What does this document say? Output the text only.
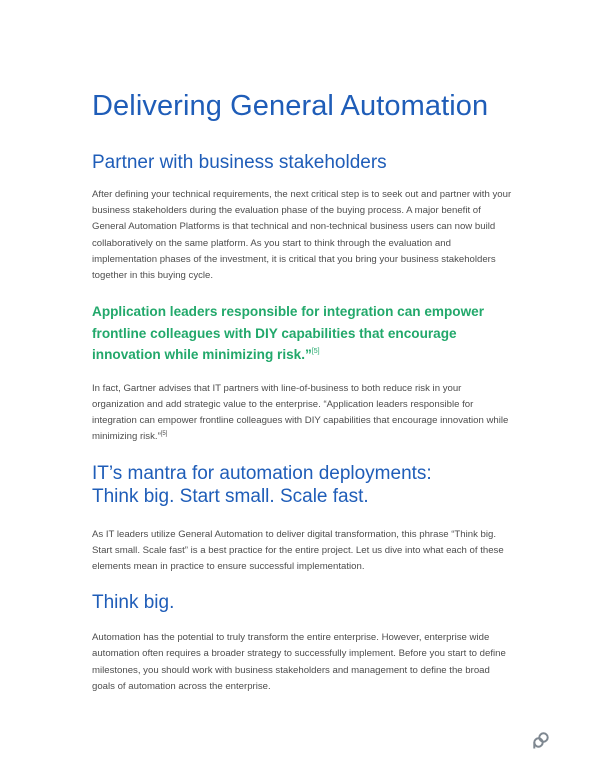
Delivering General Automation
Partner with business stakeholders

After defining your technical requirements, the next critical step is to seek out and partner with your business stakeholders during the evaluation phase of the buying process. A major benefit of General Automation Platforms is that technical and non-technical business users can now build collaboratively on the same platform. As you start to think through the evaluation and implementation phases of the investment, it is critical that you bring your business stakeholders together in this buying cycle.

Application leaders responsible for integration can empower frontline colleagues with DIY capabilities that encourage innovation while minimizing risk.”[5]

In fact, Gartner advises that IT partners with line-of-business to both reduce risk in your organization and add strategic value to the enterprise. “Application leaders responsible for integration can empower frontline colleagues with DIY capabilities that encourage innovation while minimizing risk.”[5]

IT’s mantra for automation deployments:
Think big. Start small. Scale fast.

As IT leaders utilize General Automation to deliver digital transformation, this phrase “Think big. Start small. Scale fast” is a best practice for the entire project. Let us dive into what each of these elements mean in practice to ensure successful implementation.

Think big.

Automation has the potential to truly transform the entire enterprise. However, enterprise wide automation often requires a broader strategy to successfully implement. Before you start to define milestones, you should work with business stakeholders and management to define the broad goals of automation across the enterprise.
